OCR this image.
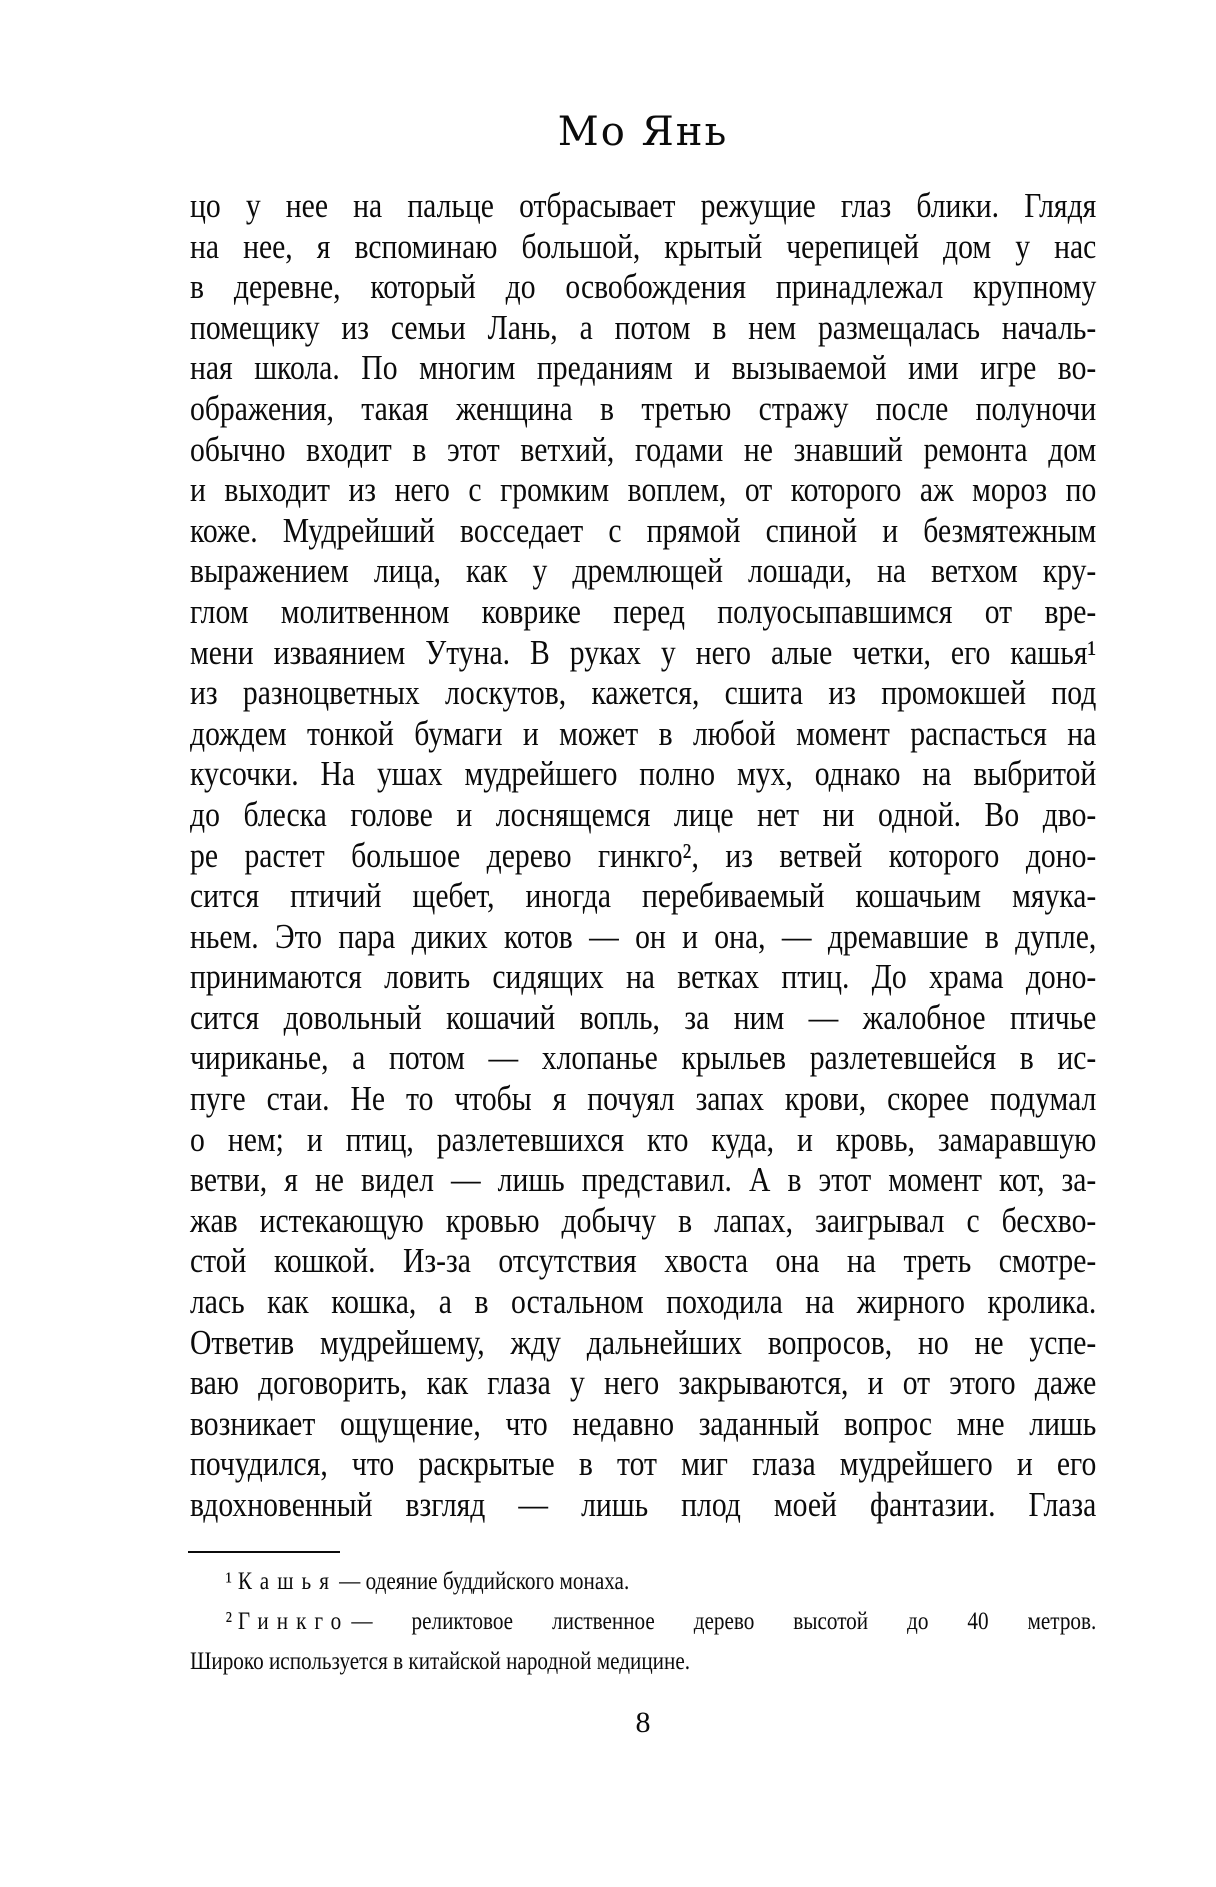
Мо Янь
цо у нее на пальце отбрасывает режущие глаз блики. Глядя
на нее, я вспоминаю большой, крытый черепицей дом у нас
в деревне, который до освобождения принадлежал крупному
помещику из семьи Лань, а потом в нем размещалась началь-
ная школа. По многим преданиям и вызываемой ими игре во-
ображения, такая женщина в третью стражу после полуночи
обычно входит в этот ветхий, годами не знавший ремонта дом
и выходит из него с громким воплем, от которого аж мороз по
коже. Мудрейший восседает с прямой спиной и безмятежным
выражением лица, как у дремлющей лошади, на ветхом кру-
глом молитвенном коврике перед полуосыпавшимся от вре-
мени изваянием Утуна. В руках у него алые четки, его кашья¹
из разноцветных лоскутов, кажется, сшита из промокшей под
дождем тонкой бумаги и может в любой момент распасться на
кусочки. На ушах мудрейшего полно мух, однако на выбритой
до блеска голове и лоснящемся лице нет ни одной. Во дво-
ре растет большое дерево гинкго², из ветвей которого доно-
сится птичий щебет, иногда перебиваемый кошачьим мяука-
ньем. Это пара диких котов — он и она, — дремавшие в дупле,
принимаются ловить сидящих на ветках птиц. До храма доно-
сится довольный кошачий вопль, за ним — жалобное птичье
чириканье, а потом — хлопанье крыльев разлетевшейся в ис-
пуге стаи. Не то чтобы я почуял запах крови, скорее подумал
о нем; и птиц, разлетевшихся кто куда, и кровь, замаравшую
ветви, я не видел — лишь представил. А в этот момент кот, за-
жав истекающую кровью добычу в лапах, заигрывал с бесхво-
стой кошкой. Из-за отсутствия хвоста она на треть смотре-
лась как кошка, а в остальном походила на жирного кролика.
Ответив мудрейшему, жду дальнейших вопросов, но не успе-
ваю договорить, как глаза у него закрываются, и от этого даже
возникает ощущение, что недавно заданный вопрос мне лишь
почудился, что раскрытые в тот миг глаза мудрейшего и его
вдохновенный взгляд — лишь плод моей фантазии. Глаза
¹ Кашья— одеяние буддийского монаха.
² Гинкго— реликтовое лиственное дерево высотой до 40 метров.
Широко используется в китайской народной медицине.
8
